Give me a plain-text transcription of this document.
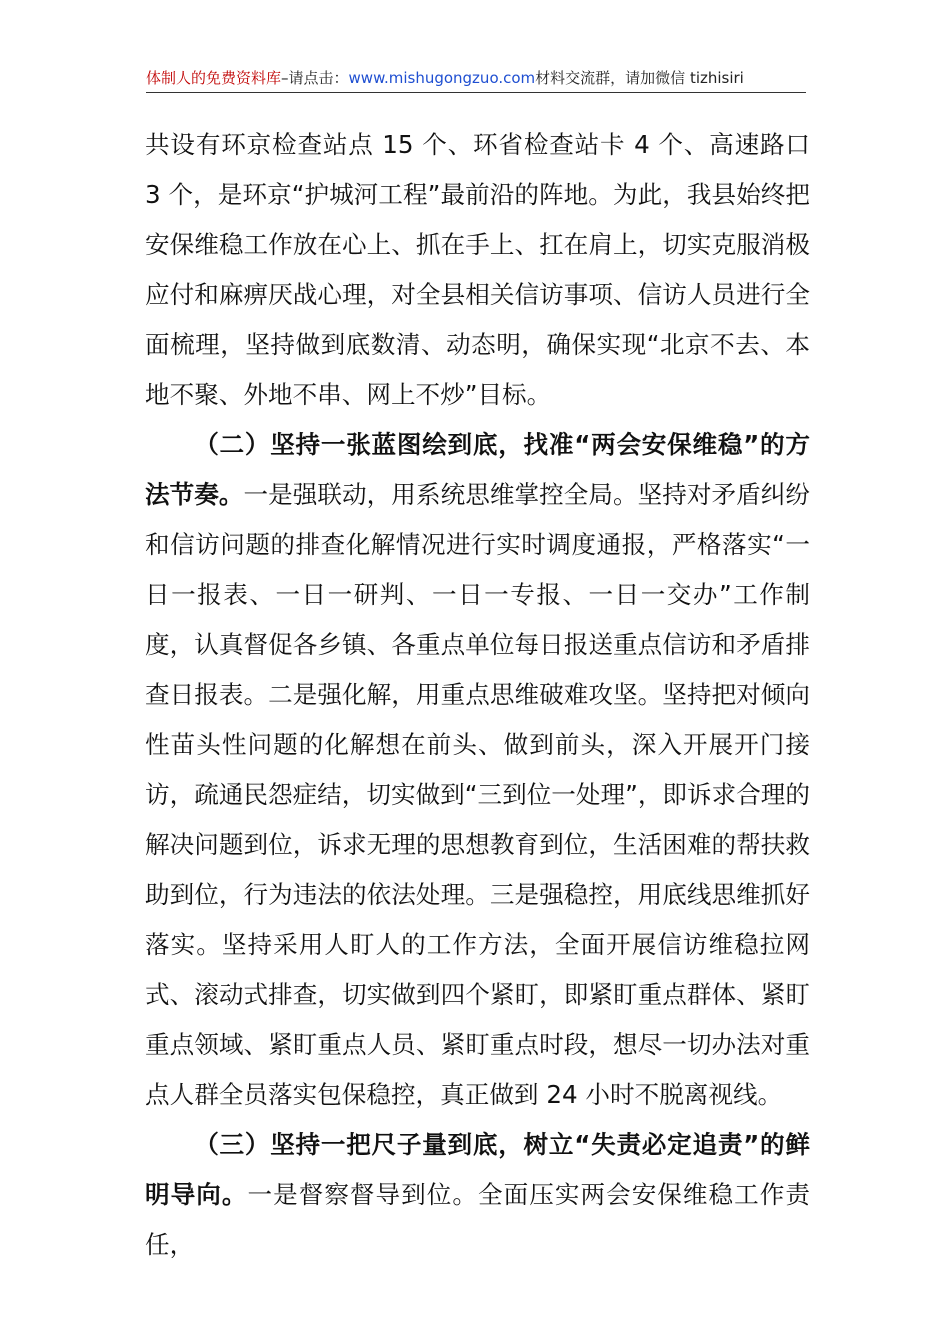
体制人的免费资料库–请点击：www.mishugongzuo.com材料交流群，请加微信 tizhisiri

共设有环京检查站点 15 个、环省检查站卡 4 个、高速路口 3 个，是环京“护城河工程”最前沿的阵地。为此，我县始终把安保维稳工作放在心上、抓在手上、扛在肩上，切实克服消极应付和麻痹厌战心理，对全县相关信访事项、信访人员进行全面梳理，坚持做到底数清、动态明，确保实现“北京不去、本地不聚、外地不串、网上不炒”目标。

（二）坚持一张蓝图绘到底，找准“两会安保维稳”的方法节奏。一是强联动，用系统思维掌控全局。坚持对矛盾纠纷和信访问题的排查化解情况进行实时调度通报，严格落实“一日一报表、一日一研判、一日一专报、一日一交办”工作制度，认真督促各乡镇、各重点单位每日报送重点信访和矛盾排查日报表。二是强化解，用重点思维破难攻坚。坚持把对倾向性苗头性问题的化解想在前头、做到前头，深入开展开门接访，疏通民怨症结，切实做到“三到位一处理”，即诉求合理的解决问题到位，诉求无理的思想教育到位，生活困难的帮扶救助到位，行为违法的依法处理。三是强稳控，用底线思维抓好落实。坚持采用人盯人的工作方法，全面开展信访维稳拉网式、滚动式排查，切实做到四个紧盯，即紧盯重点群体、紧盯重点领域、紧盯重点人员、紧盯重点时段，想尽一切办法对重点人群全员落实包保稳控，真正做到 24 小时不脱离视线。

（三）坚持一把尺子量到底，树立“失责必定追责”的鲜明导向。一是督察督导到位。全面压实两会安保维稳工作责任，
